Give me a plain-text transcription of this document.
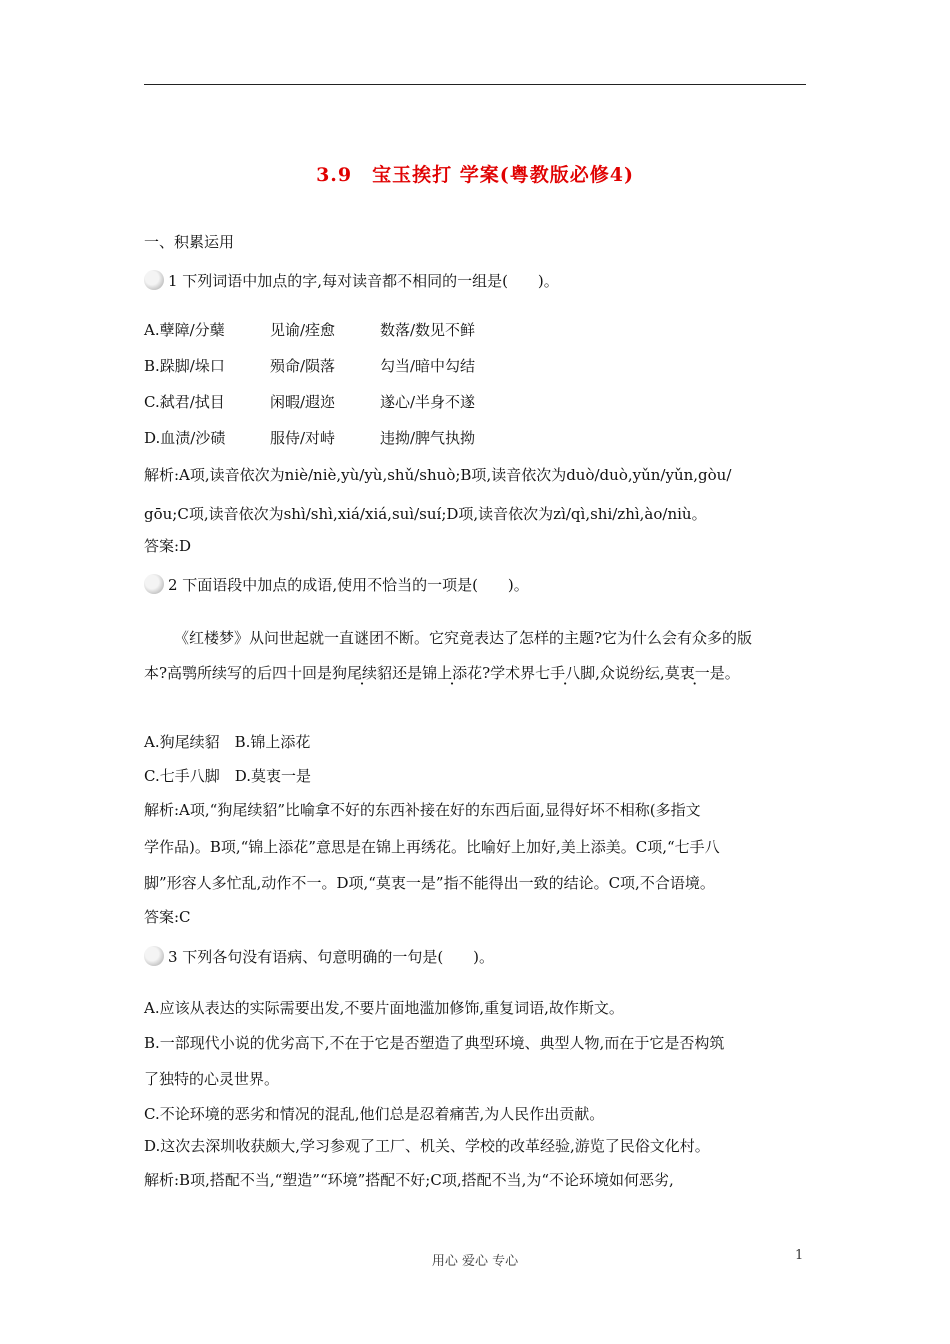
3.9　宝玉挨打 学案(粤教版必修4)
一、积累运用
1 下列词语中加点的字,每对读音都不相同的一组是(　　)。
A.孽障/分蘖	见谕/痊愈	数落/数见不鲜
B.跺脚/垛口	殒命/陨落	勾当/暗中勾结
C.弑君/拭目	闲暇/遐迩	遂心/半身不遂
D.血渍/沙碛	服侍/对峙	违拗/脾气执拗
解析:A项,读音依次为niè/niè,yù/yù,shǔ/shuò;B项,读音依次为duò/duò,yǔn/yǔn,gòu/
gōu;C项,读音依次为shì/shì,xiá/xiá,suì/suí;D项,读音依次为zì/qì,shi/zhì,ào/niù。
答案:D
2 下面语段中加点的成语,使用不恰当的一项是(　　)。
《红楼梦》从问世起就一直谜团不断。它究竟表达了怎样的主题?它为什么会有众多的版
本?高鹗所续写的后四十回是狗尾续貂还是锦上添花?学术界七手八脚,众说纷纭,莫衷一是。
A.狗尾续貂　B.锦上添花
C.七手八脚　D.莫衷一是
解析:A项,“狗尾续貂”比喻拿不好的东西补接在好的东西后面,显得好坏不相称(多指文
学作品)。B项,“锦上添花”意思是在锦上再绣花。比喻好上加好,美上添美。C项,“七手八
脚”形容人多忙乱,动作不一。D项,“莫衷一是”指不能得出一致的结论。C项,不合语境。
答案:C
3 下列各句没有语病、句意明确的一句是(　　)。
A.应该从表达的实际需要出发,不要片面地滥加修饰,重复词语,故作斯文。
B.一部现代小说的优劣高下,不在于它是否塑造了典型环境、典型人物,而在于它是否构筑
了独特的心灵世界。
C.不论环境的恶劣和情况的混乱,他们总是忍着痛苦,为人民作出贡献。
D.这次去深圳收获颇大,学习参观了工厂、机关、学校的改革经验,游览了民俗文化村。
解析:B项,搭配不当,“塑造”“环境”搭配不好;C项,搭配不当,为“不论环境如何恶劣,
用心 爱心 专心	1
